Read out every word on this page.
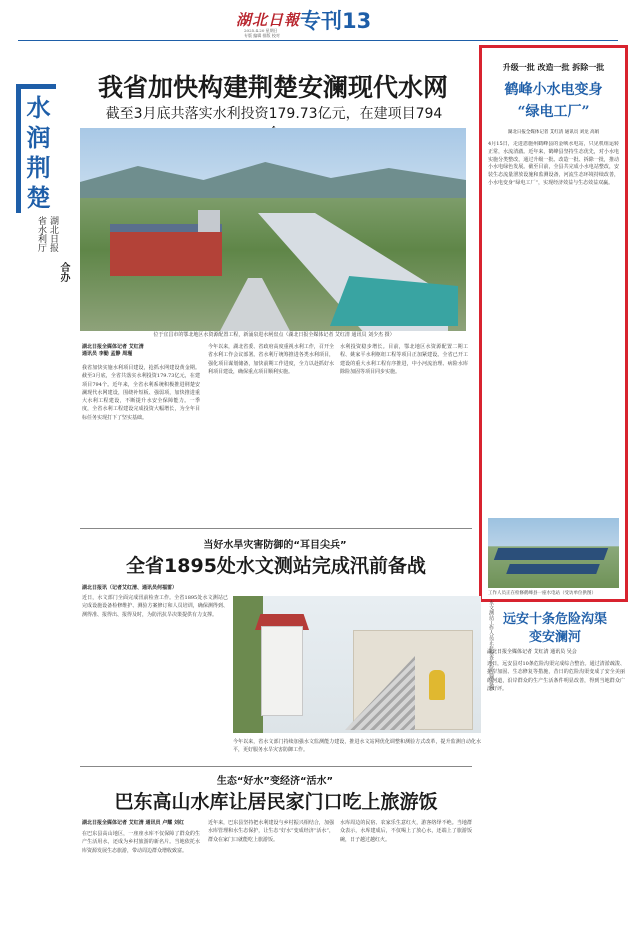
湖北日報
2025.4.20 星期日
专版 编辑 排版 校对
专刊13
水润荆楚
湖北日报
省水利厅
合办
我省加快构建荆楚安澜现代水网
截至3月底共落实水利投资179.73亿元，在建项目794
位于宜昌市的鄂北地区水资源配置工程，新涌泉进水闸盘点（湖北日报全媒体记者 艾红清 通讯员 刘少杰 摄）
湖北日报全媒体记者 艾红清
通讯员 李勤 孟静 周瑾
我省加快实施水利项目建设，抢抓水网建设黄金期。截至3月底，全省共落实水利投资179.73亿元，在建项目794个。近年来，全省水利系统积极推进荆楚安澜现代水网建设，围绕补短板、强弱项，加快推进重大水利工程建设，不断提升水安全保障能力。一季度，全省水利工程建设完成投资大幅增长，为全年目标任务实现打下了坚实基础。
今年以来，湖北省委、省政府高度重视水利工作，召开全省水利工作会议部署。省水利厅统筹推进各类水利项目，强化项目谋划储备，加快前期工作进度，全力以赴抓好水利项目建设，确保重点项目顺利实施。
水利投资稳步增长。目前，鄂北地区水资源配置二期工程、姚家平水利枢纽工程等项目正加紧建设。全省已开工建设的重大水利工程有序推进，中小河流治理、病险水库除险加固等项目同步实施。
升级一批 改造一批 拆除一批
鹤峰小水电变身
“绿电工厂”
湖北日报全媒体记者 艾红清 通讯员 刘龙 高娟
4月15日，走进恩施州鹤峰县的金峡水电站，只见机组运转正常，水流清澈。近年来，鹤峰县坚持生态优先，对小水电实施分类整改，通过升级一批、改造一批、拆除一批，推动小水电绿色发展。截至目前，全县共完成小水电站整改，安装生态流量泄放设施和监测设备，河流生态环境持续改善，小水电变身“绿电工厂”，实现经济效益与生态效益双赢。
工作人员正在检修鹤峰县一座水电站（受访单位供图）
当好水旱灾害防御的“耳目尖兵”
全省1895处水文测站完成汛前备战
湖北日报讯（记者艾红清、通讯员何福雷）
近日，水文部门全面完成汛前检查工作。全省1895处水文测站已完成设施设备检修维护、测验方案修订和人员培训，确保测得到、测得准、报得出、报得及时，为防汛抗旱决策提供有力支撑。	水文测站工作人员正在检查水位监测设施
今年以来，省水文部门持续加强水文监测能力建设，推进水文站网优化调整和测验方式改革，提升监测自动化水平，更好服务水旱灾害防御工作。
远安十条危险沟渠
变安澜河
湖北日报全媒体记者 艾红清 通讯员 吴会
近日，远安县对10条危险沟渠完成综合整治。通过清淤疏浚、护岸加固、生态修复等措施，昔日的危险沟渠变成了安全美丽的河道，沿岸群众的生产生活条件明显改善，得到当地群众广泛好评。
生态“好水”变经济“活水”
巴东高山水库让居民家门口吃上旅游饭
湖北日报全媒体记者 艾红清 通讯员 卢耀 刘红
在巴东县高山地区，一座座水库不仅保障了群众的生产生活用水，还成为乡村旅游的新名片。当地依托水库资源发展生态旅游，带动周边群众增收致富。
近年来，巴东县坚持把水利建设与乡村振兴相结合，加强水库管理和水生态保护，让生态“好水”变成经济“活水”，群众在家门口就能吃上旅游饭。
水库周边的民宿、农家乐生意红火，游客络绎不绝。当地群众表示，水库建成后，不仅喝上了放心水，还端上了旅游饭碗，日子越过越红火。
